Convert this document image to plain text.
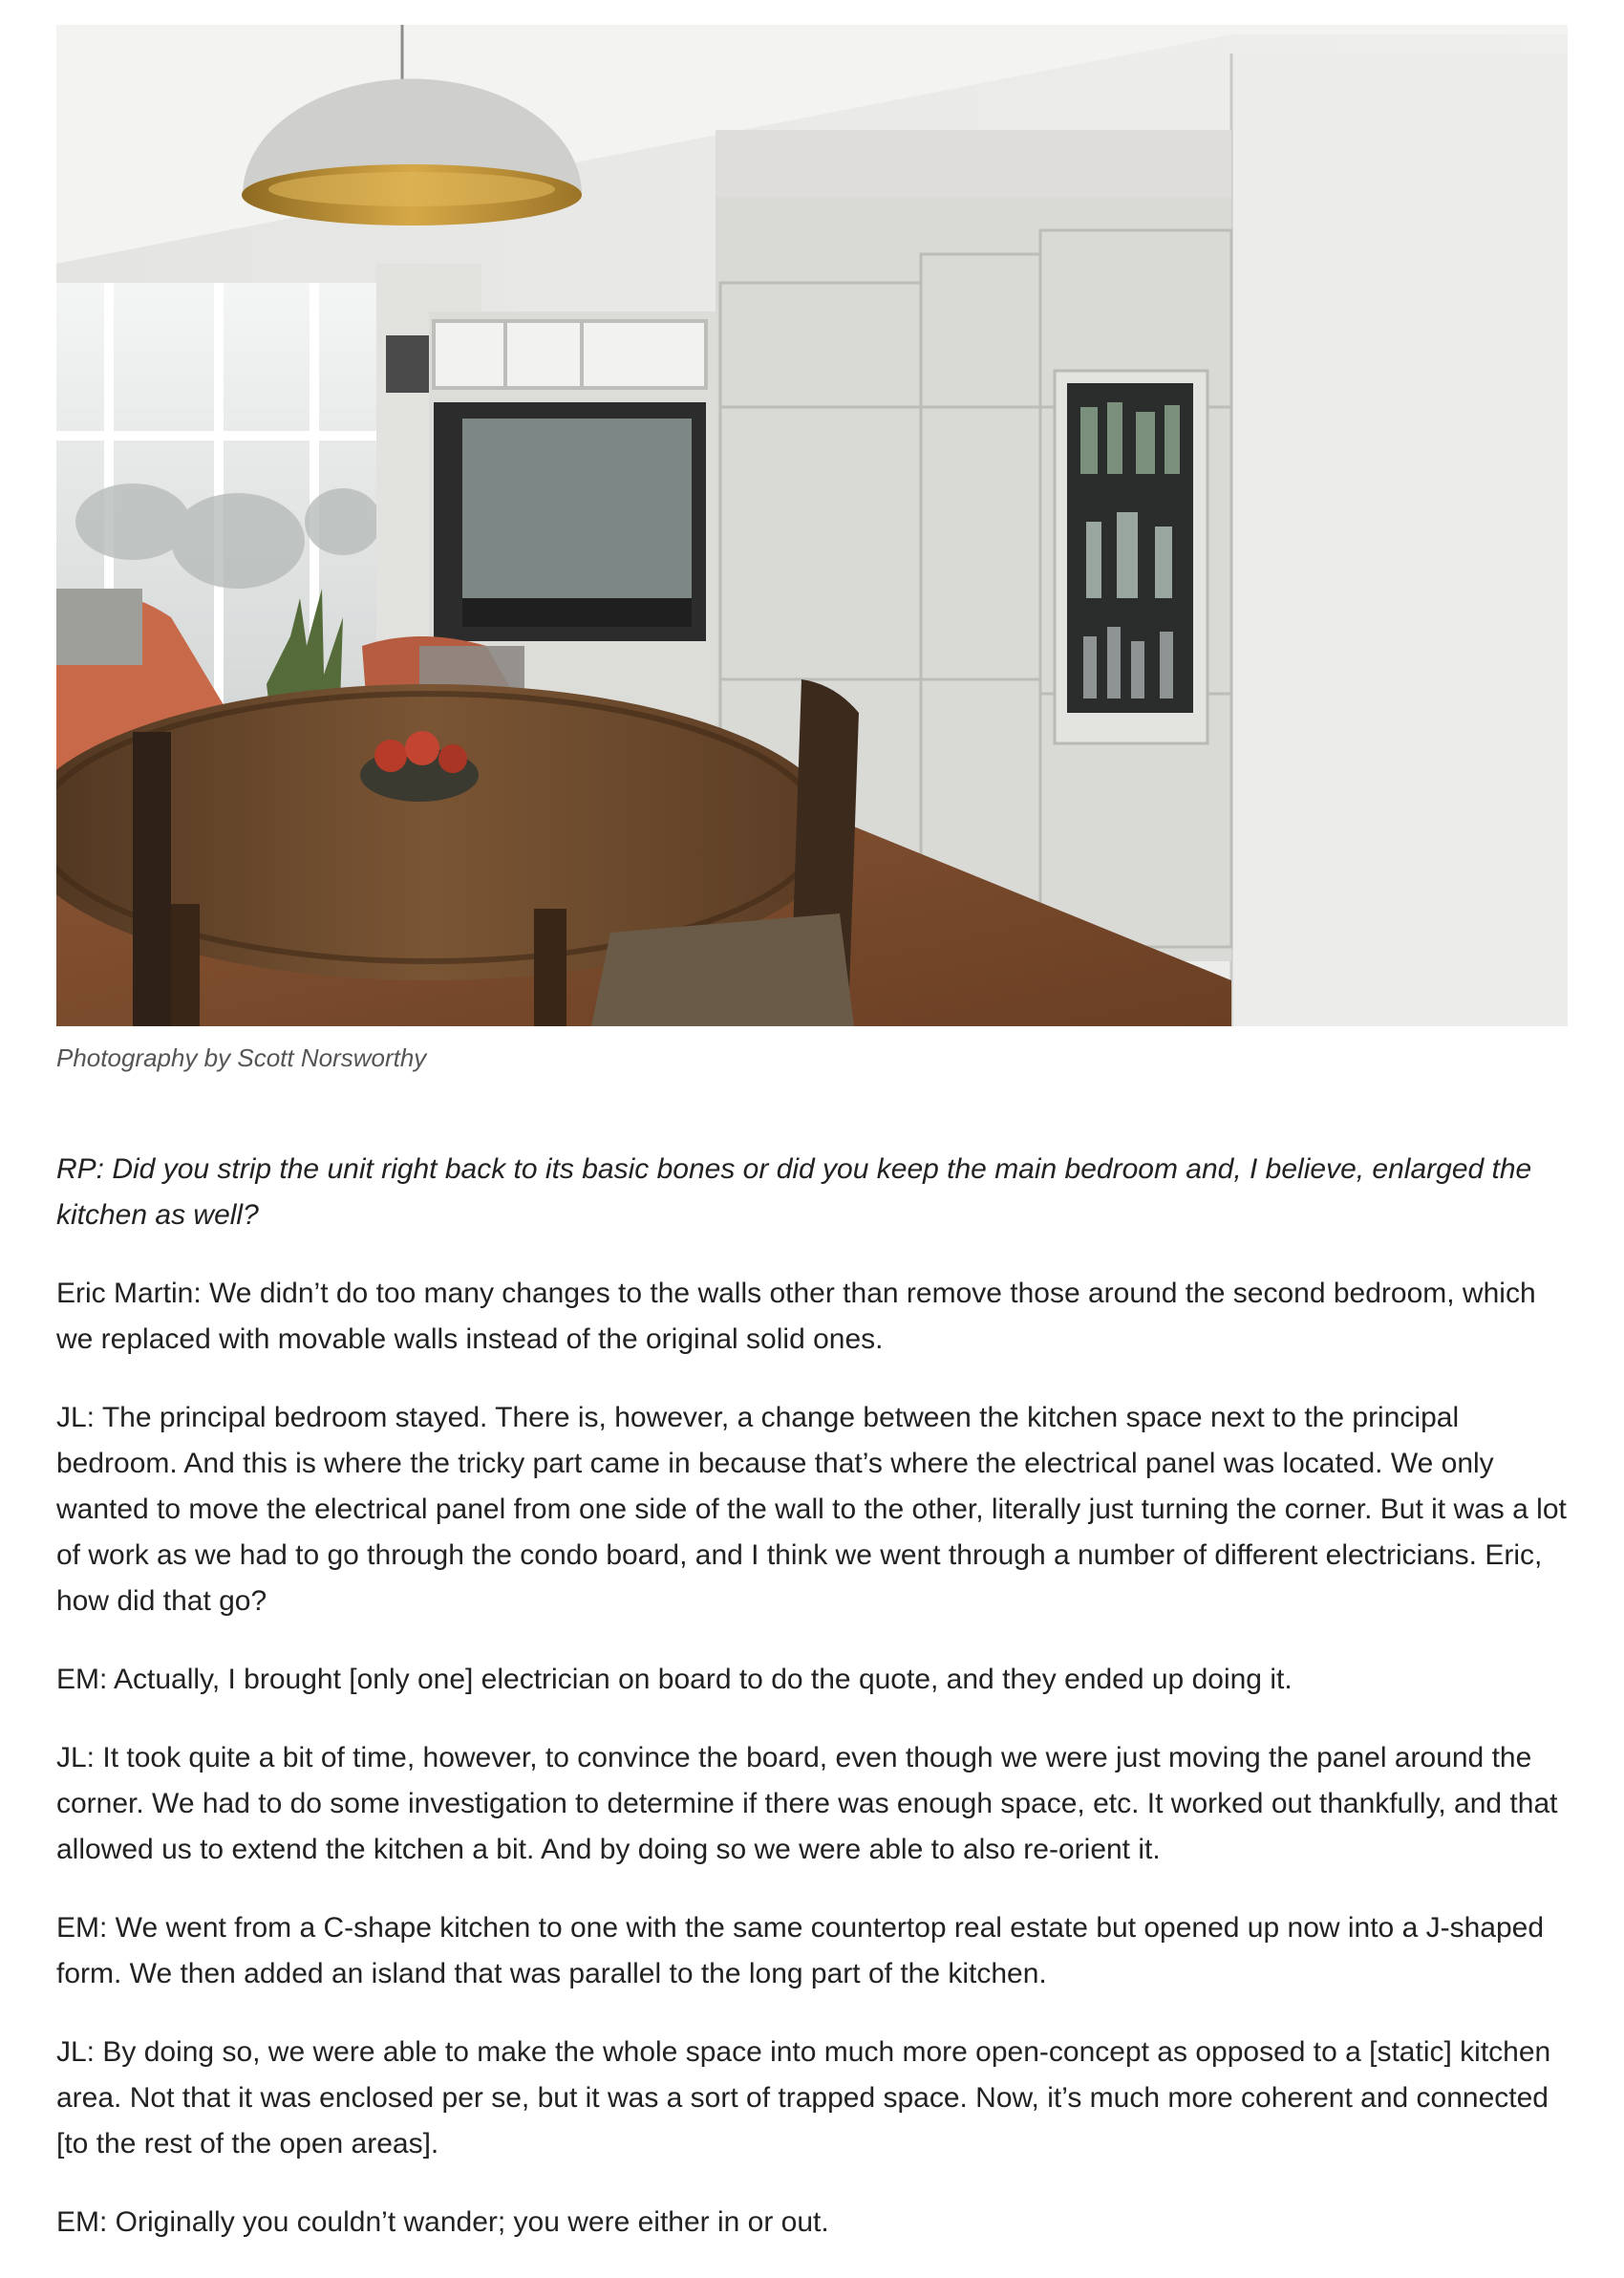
Photography by Scott Norsworthy

RP: Did you strip the unit right back to its basic bones or did you keep the main bedroom and, I believe, enlarged the kitchen as well?

Eric Martin: We didn’t do too many changes to the walls other than remove those around the second bedroom, which we replaced with movable walls instead of the original solid ones.

JL: The principal bedroom stayed. There is, however, a change between the kitchen space next to the principal bedroom. And this is where the tricky part came in because that’s where the electrical panel was located. We only wanted to move the electrical panel from one side of the wall to the other, literally just turning the corner. But it was a lot of work as we had to go through the condo board, and I think we went through a number of different electricians. Eric, how did that go?

EM: Actually, I brought [only one] electrician on board to do the quote, and they ended up doing it.

JL: It took quite a bit of time, however, to convince the board, even though we were just moving the panel around the corner. We had to do some investigation to determine if there was enough space, etc. It worked out thankfully, and that allowed us to extend the kitchen a bit. And by doing so we were able to also re-orient it.

EM: We went from a C-shape kitchen to one with the same countertop real estate but opened up now into a J-shaped form. We then added an island that was parallel to the long part of the kitchen.

JL: By doing so, we were able to make the whole space into much more open-concept as opposed to a [static] kitchen area. Not that it was enclosed per se, but it was a sort of trapped space. Now, it’s much more coherent and connected [to the rest of the open areas].

EM: Originally you couldn’t wander; you were either in or out.
